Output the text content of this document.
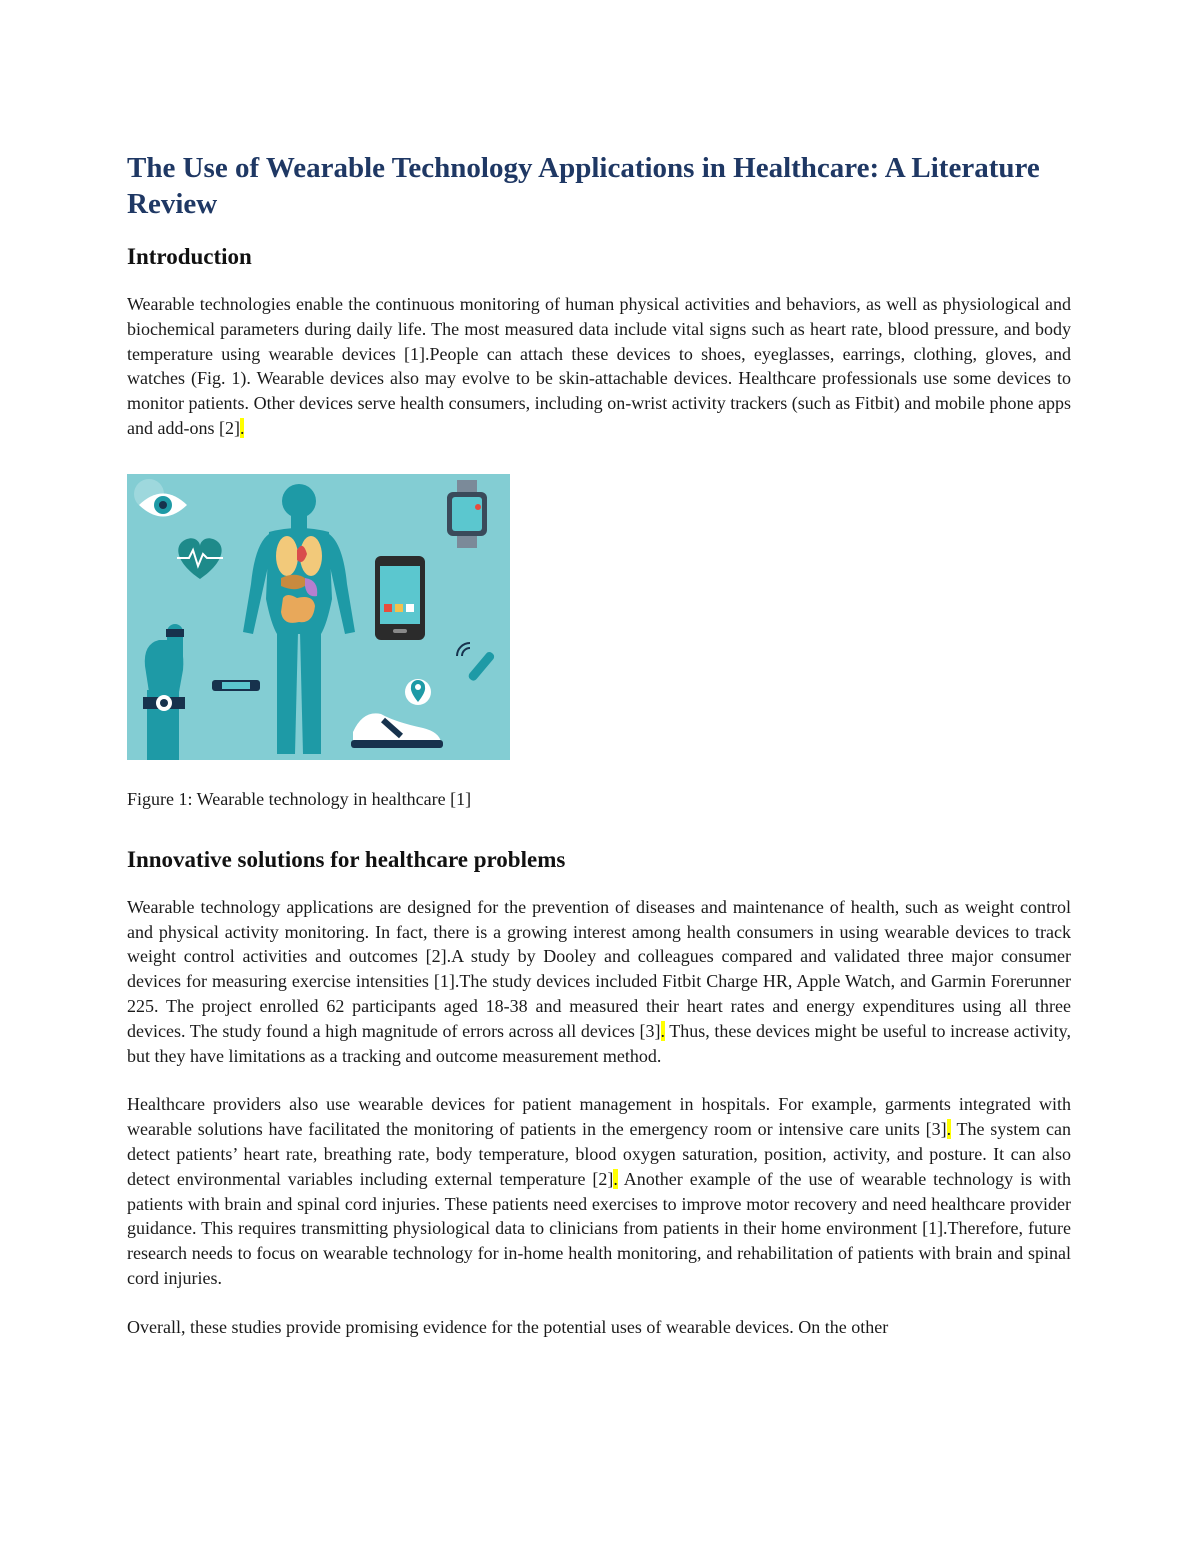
The Use of Wearable Technology Applications in Healthcare: A Literature Review
Introduction

Wearable technologies enable the continuous monitoring of human physical activities and behaviors, as well as physiological and biochemical parameters during daily life. The most measured data include vital signs such as heart rate, blood pressure, and body temperature using wearable devices [1].People can attach these devices to shoes, eyeglasses, earrings, clothing, gloves, and watches (Fig. 1). Wearable devices also may evolve to be skin-attachable devices. Healthcare professionals use some devices to monitor patients. Other devices serve health consumers, including on-wrist activity trackers (such as Fitbit) and mobile phone apps and add-ons [2].

Figure 1: Wearable technology in healthcare [1]
Innovative solutions for healthcare problems

Wearable technology applications are designed for the prevention of diseases and maintenance of health, such as weight control and physical activity monitoring. In fact, there is a growing interest among health consumers in using wearable devices to track weight control activities and outcomes [2].A study by Dooley and colleagues compared and validated three major consumer devices for measuring exercise intensities [1].The study devices included Fitbit Charge HR, Apple Watch, and Garmin Forerunner 225. The project enrolled 62 participants aged 18-38 and measured their heart rates and energy expenditures using all three devices. The study found a high magnitude of errors across all devices [3]. Thus, these devices might be useful to increase activity, but they have limitations as a tracking and outcome measurement method.

Healthcare providers also use wearable devices for patient management in hospitals. For example, garments integrated with wearable solutions have facilitated the monitoring of patients in the emergency room or intensive care units [3]. The system can detect patients’ heart rate, breathing rate, body temperature, blood oxygen saturation, position, activity, and posture. It can also detect environmental variables including external temperature [2]. Another example of the use of wearable technology is with patients with brain and spinal cord injuries. These patients need exercises to improve motor recovery and need healthcare provider guidance. This requires transmitting physiological data to clinicians from patients in their home environment [1].Therefore, future research needs to focus on wearable technology for in-home health monitoring, and rehabilitation of patients with brain and spinal cord injuries.

Overall, these studies provide promising evidence for the potential uses of wearable devices. On the other
